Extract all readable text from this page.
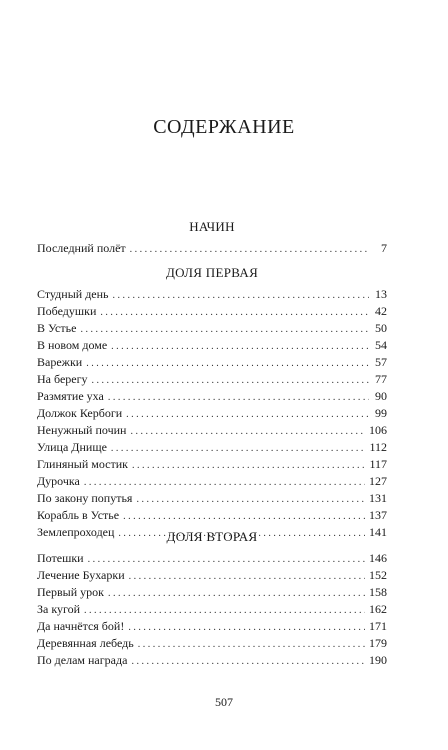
СОДЕРЖАНИЕ
НАЧИН
Последний полёт . . .	7
ДОЛЯ ПЕРВАЯ
Студный день . . .	13
Победушки . . .	42
В Устье . . .	50
В новом доме . . .	54
Варежки . . .	57
На берегу . . .	77
Размятие уха . . .	90
Должок Кербоги . . .	99
Ненужный почин . . .	106
Улица Днище . . .	112
Глиняный мостик . . .	117
Дурочка . . .	127
По закону попутья . . .	131
Корабль в Устье . . .	137
Землепроходец . . .	141
ДОЛЯ ВТОРАЯ
Потешки . . .	146
Лечение Бухарки . . .	152
Первый урок . . .	158
За кугой . . .	162
Да начнётся бой! . . .	171
Деревянная лебедь . . .	179
По делам награда . . .	190
507
